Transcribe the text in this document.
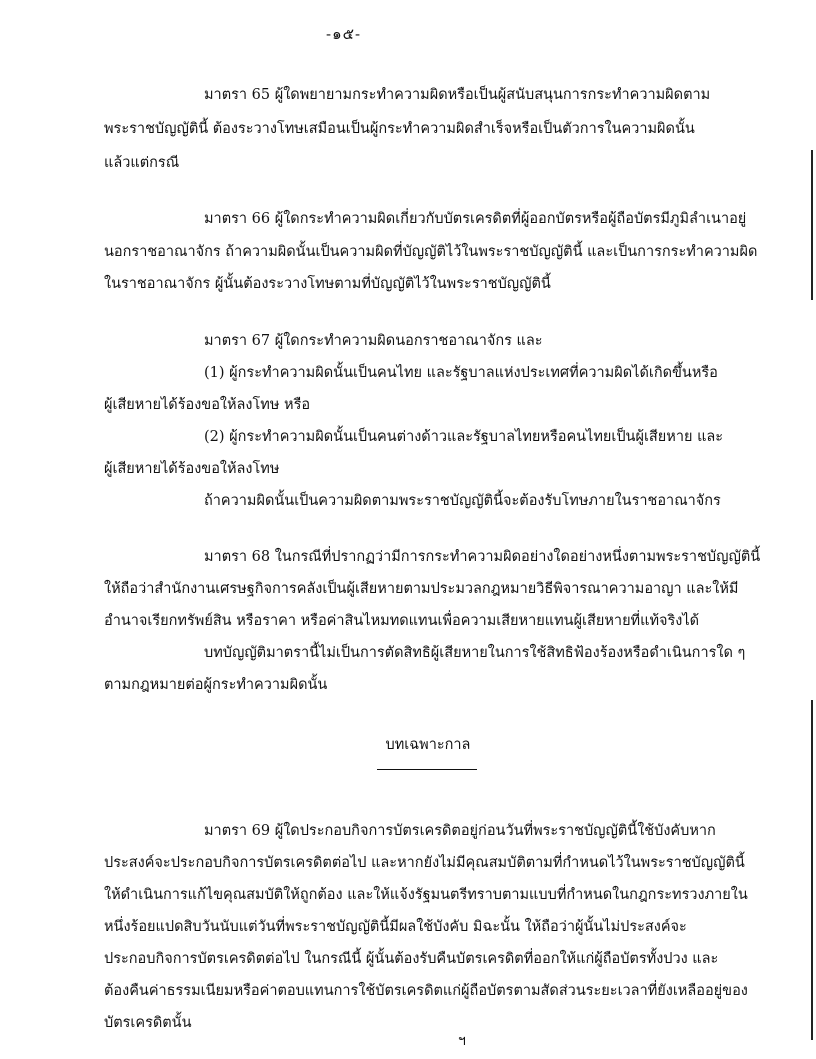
-๑๕-
มาตรา 65 ผู้ใดพยายามกระทำความผิดหรือเป็นผู้สนับสนุนการกระทำความผิดตาม
พระราชบัญญัตินี้ ต้องระวางโทษเสมือนเป็นผู้กระทำความผิดสำเร็จหรือเป็นตัวการในความผิดนั้น
แล้วแต่กรณี
มาตรา 66 ผู้ใดกระทำความผิดเกี่ยวกับบัตรเครดิตที่ผู้ออกบัตรหรือผู้ถือบัตรมีภูมิลำเนาอยู่
นอกราชอาณาจักร ถ้าความผิดนั้นเป็นความผิดที่บัญญัติไว้ในพระราชบัญญัตินี้ และเป็นการกระทำความผิด
ในราชอาณาจักร ผู้นั้นต้องระวางโทษตามที่บัญญัติไว้ในพระราชบัญญัตินี้
มาตรา 67 ผู้ใดกระทำความผิดนอกราชอาณาจักร และ
(1) ผู้กระทำความผิดนั้นเป็นคนไทย และรัฐบาลแห่งประเทศที่ความผิดได้เกิดขึ้นหรือ
ผู้เสียหายได้ร้องขอให้ลงโทษ หรือ
(2) ผู้กระทำความผิดนั้นเป็นคนต่างด้าวและรัฐบาลไทยหรือคนไทยเป็นผู้เสียหาย และ
ผู้เสียหายได้ร้องขอให้ลงโทษ
ถ้าความผิดนั้นเป็นความผิดตามพระราชบัญญัตินี้จะต้องรับโทษภายในราชอาณาจักร
มาตรา 68 ในกรณีที่ปรากฏว่ามีการกระทำความผิดอย่างใดอย่างหนึ่งตามพระราชบัญญัตินี้
ให้ถือว่าสำนักงานเศรษฐกิจการคลังเป็นผู้เสียหายตามประมวลกฎหมายวิธีพิจารณาความอาญา และให้มี
อำนาจเรียกทรัพย์สิน หรือราคา หรือค่าสินไหมทดแทนเพื่อความเสียหายแทนผู้เสียหายที่แท้จริงได้
บทบัญญัติมาตรานี้ไม่เป็นการตัดสิทธิผู้เสียหายในการใช้สิทธิฟ้องร้องหรือดำเนินการใด ๆ
ตามกฎหมายต่อผู้กระทำความผิดนั้น
บทเฉพาะกาล
มาตรา 69 ผู้ใดประกอบกิจการบัตรเครดิตอยู่ก่อนวันที่พระราชบัญญัตินี้ใช้บังคับหาก
ประสงค์จะประกอบกิจการบัตรเครดิตต่อไป และหากยังไม่มีคุณสมบัติตามที่กำหนดไว้ในพระราชบัญญัตินี้
ให้ดำเนินการแก้ไขคุณสมบัติให้ถูกต้อง และให้แจ้งรัฐมนตรีทราบตามแบบที่กำหนดในกฎกระทรวงภายใน
หนึ่งร้อยแปดสิบวันนับแต่วันที่พระราชบัญญัตินี้มีผลใช้บังคับ มิฉะนั้น ให้ถือว่าผู้นั้นไม่ประสงค์จะ
ประกอบกิจการบัตรเครดิตต่อไป ในกรณีนี้ ผู้นั้นต้องรับคืนบัตรเครดิตที่ออกให้แก่ผู้ถือบัตรทั้งปวง และ
ต้องคืนค่าธรรมเนียมหรือค่าตอบแทนการใช้บัตรเครดิตแก่ผู้ถือบัตรตามสัดส่วนระยะเวลาที่ยังเหลืออยู่ของ
บัตรเครดิตนั้น
ฯ
